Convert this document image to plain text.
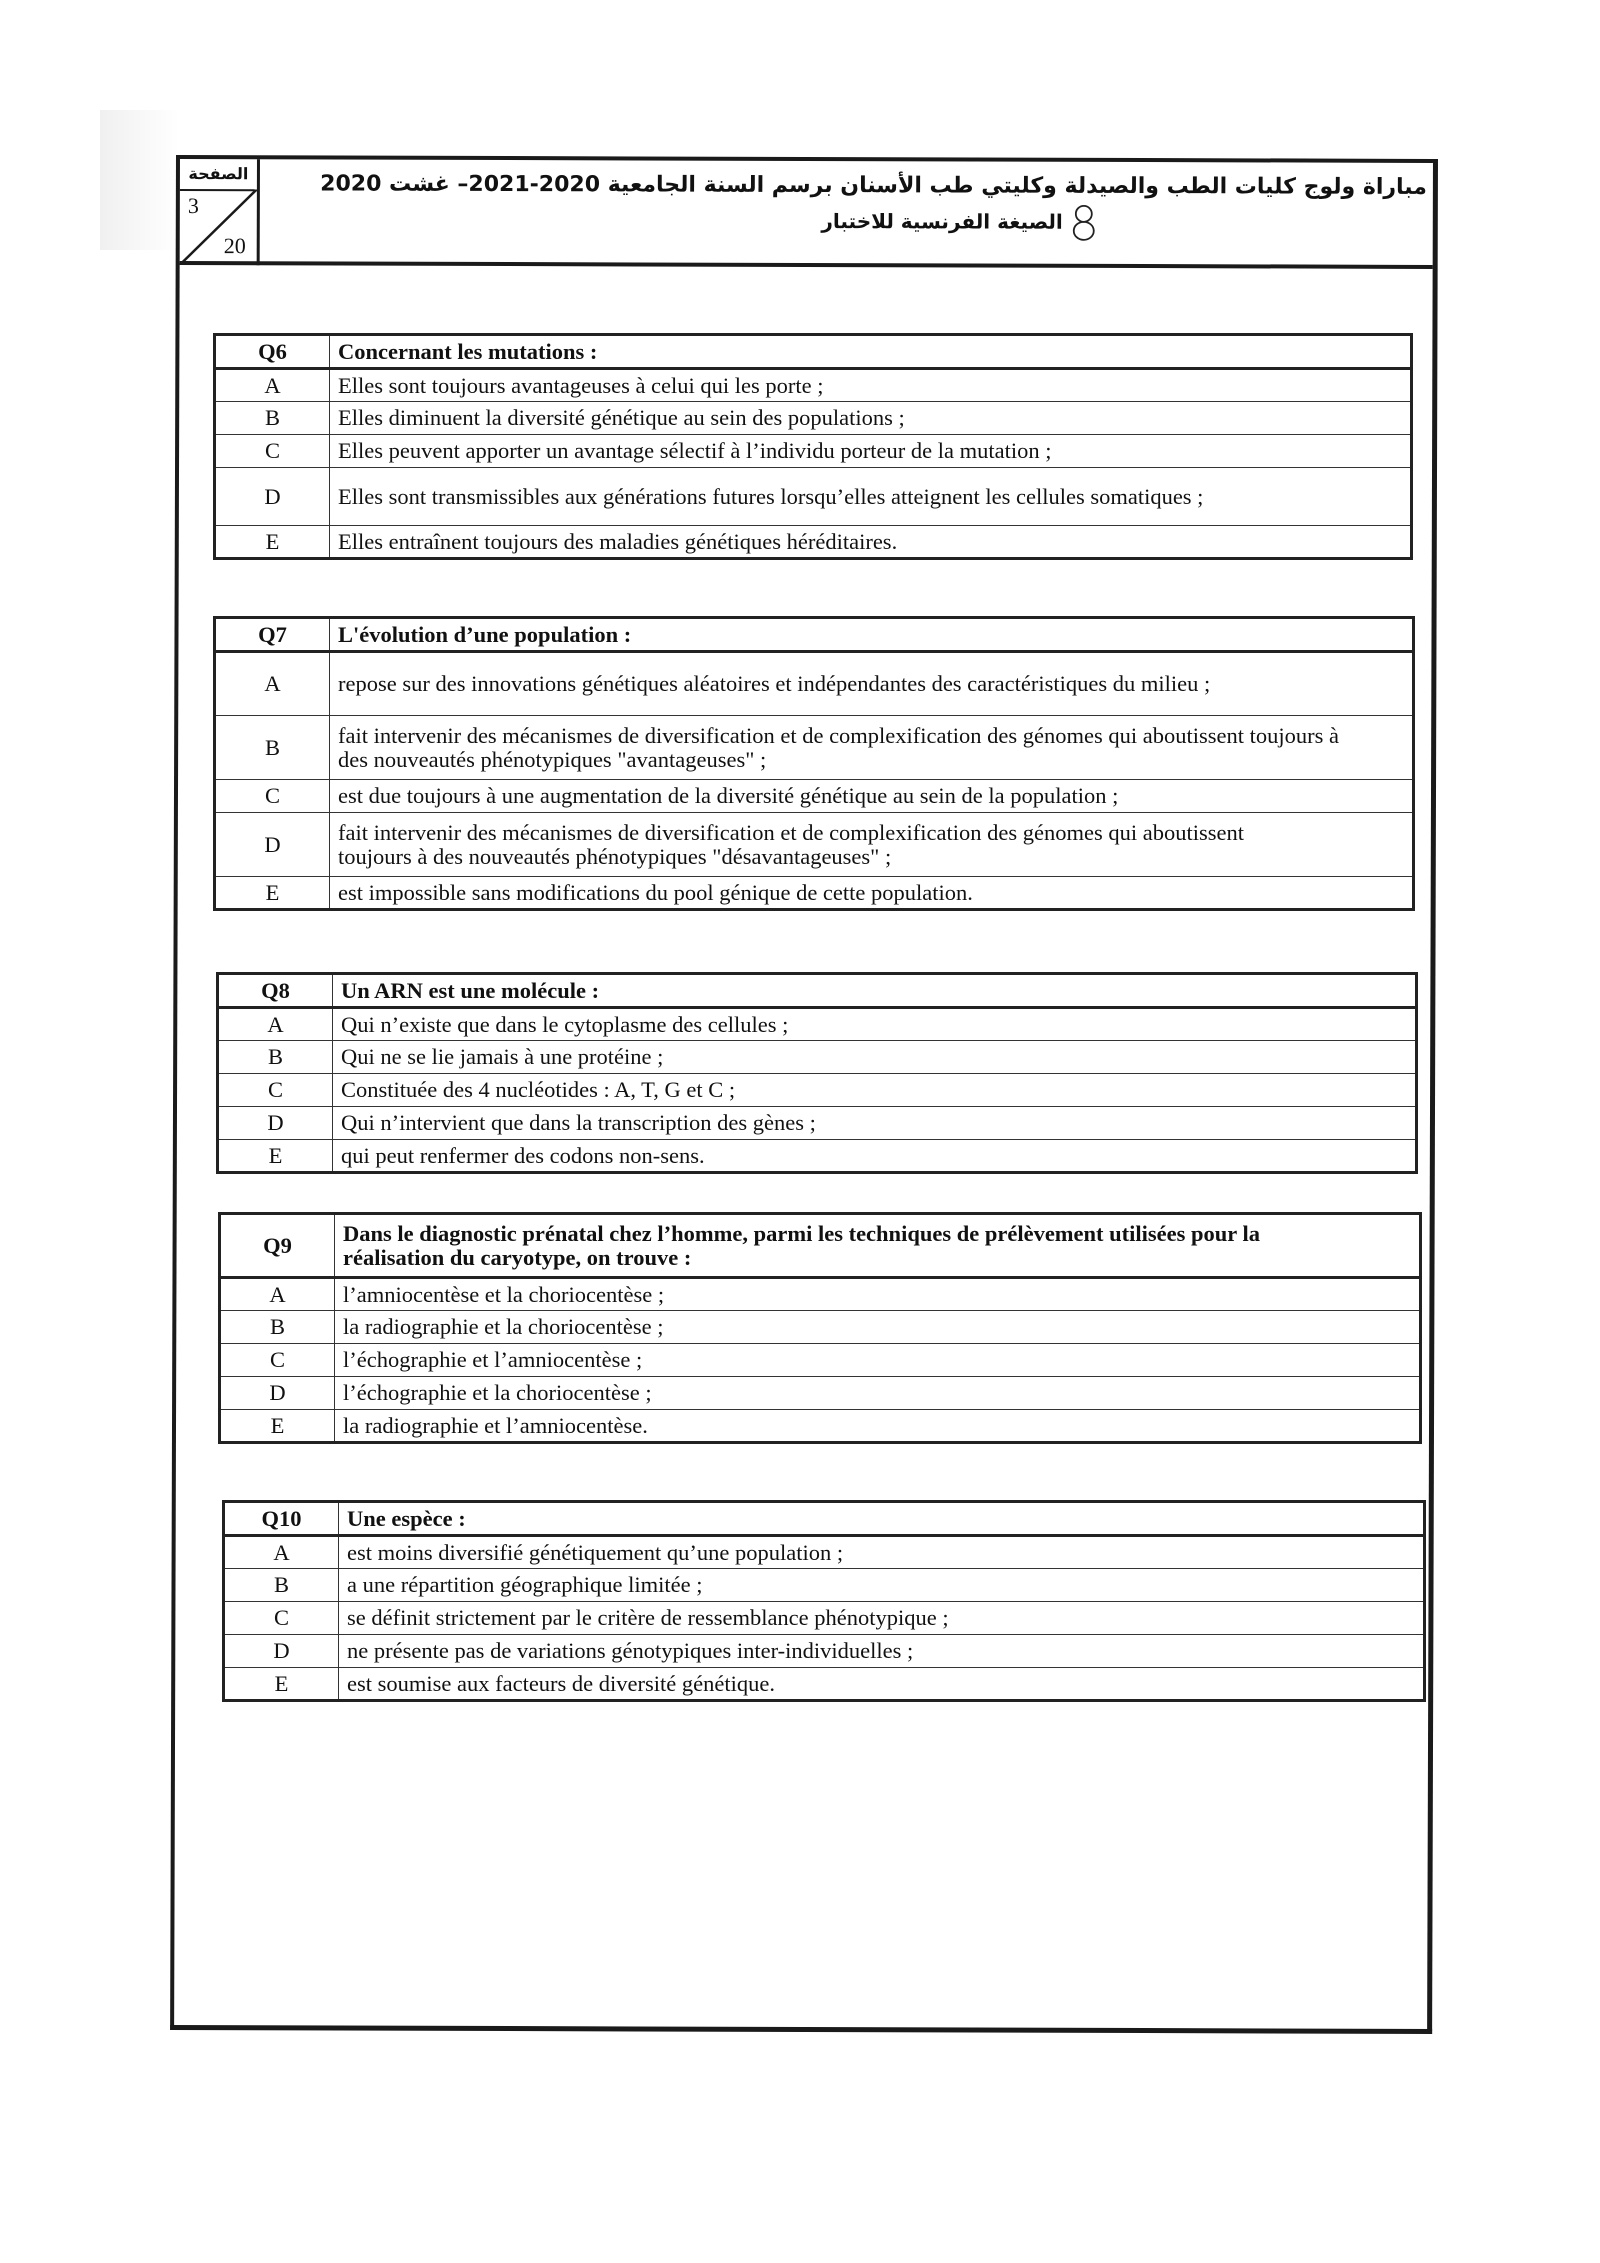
الصفحة
3
20
مباراة ولوج كليات الطب والصيدلة وكليتي طب الأسنان برسم السنة الجامعية 2020-2021– غشت 2020
الصيغة الفرنسية للاختبار
Q6	Concernant les mutations :
A	Elles sont toujours avantageuses à celui qui les porte ;
B	Elles diminuent la diversité génétique au sein des populations ;
C	Elles peuvent apporter un avantage sélectif à l’individu porteur de la mutation ;
D	Elles sont transmissibles aux générations futures lorsqu’elles atteignent les cellules somatiques ;
E	Elles entraînent toujours des maladies génétiques héréditaires.
Q7	L'évolution d’une population :
A	repose sur des innovations génétiques aléatoires et indépendantes des caractéristiques du milieu ;
B	fait intervenir des mécanismes de diversification et de complexification des génomes qui aboutissent toujours à des nouveautés phénotypiques "avantageuses" ;
C	est due toujours à une augmentation de la diversité génétique au sein de la population ;
D	fait intervenir des mécanismes de diversification et de complexification des génomes qui aboutissent toujours à des nouveautés phénotypiques "désavantageuses" ;
E	est impossible sans modifications du pool génique de cette population.
Q8	Un ARN est une molécule :
A	Qui n’existe que dans le cytoplasme des cellules ;
B	Qui ne se lie jamais à une protéine ;
C	Constituée des 4 nucléotides : A, T, G et C ;
D	Qui n’intervient que dans la transcription des gènes ;
E	qui peut renfermer des codons non-sens.
Q9	Dans le diagnostic prénatal chez l’homme, parmi les techniques de prélèvement utilisées pour la réalisation du caryotype, on trouve :
A	l’amniocentèse et la choriocentèse ;
B	la radiographie et la choriocentèse ;
C	l’échographie et l’amniocentèse ;
D	l’échographie et la choriocentèse ;
E	la radiographie et l’amniocentèse.
Q10	Une espèce :
A	est moins diversifié génétiquement qu’une population ;
B	a une répartition géographique limitée ;
C	se définit strictement par le critère de ressemblance phénotypique ;
D	ne présente pas de variations génotypiques inter-individuelles ;
E	est soumise aux facteurs de diversité génétique.
